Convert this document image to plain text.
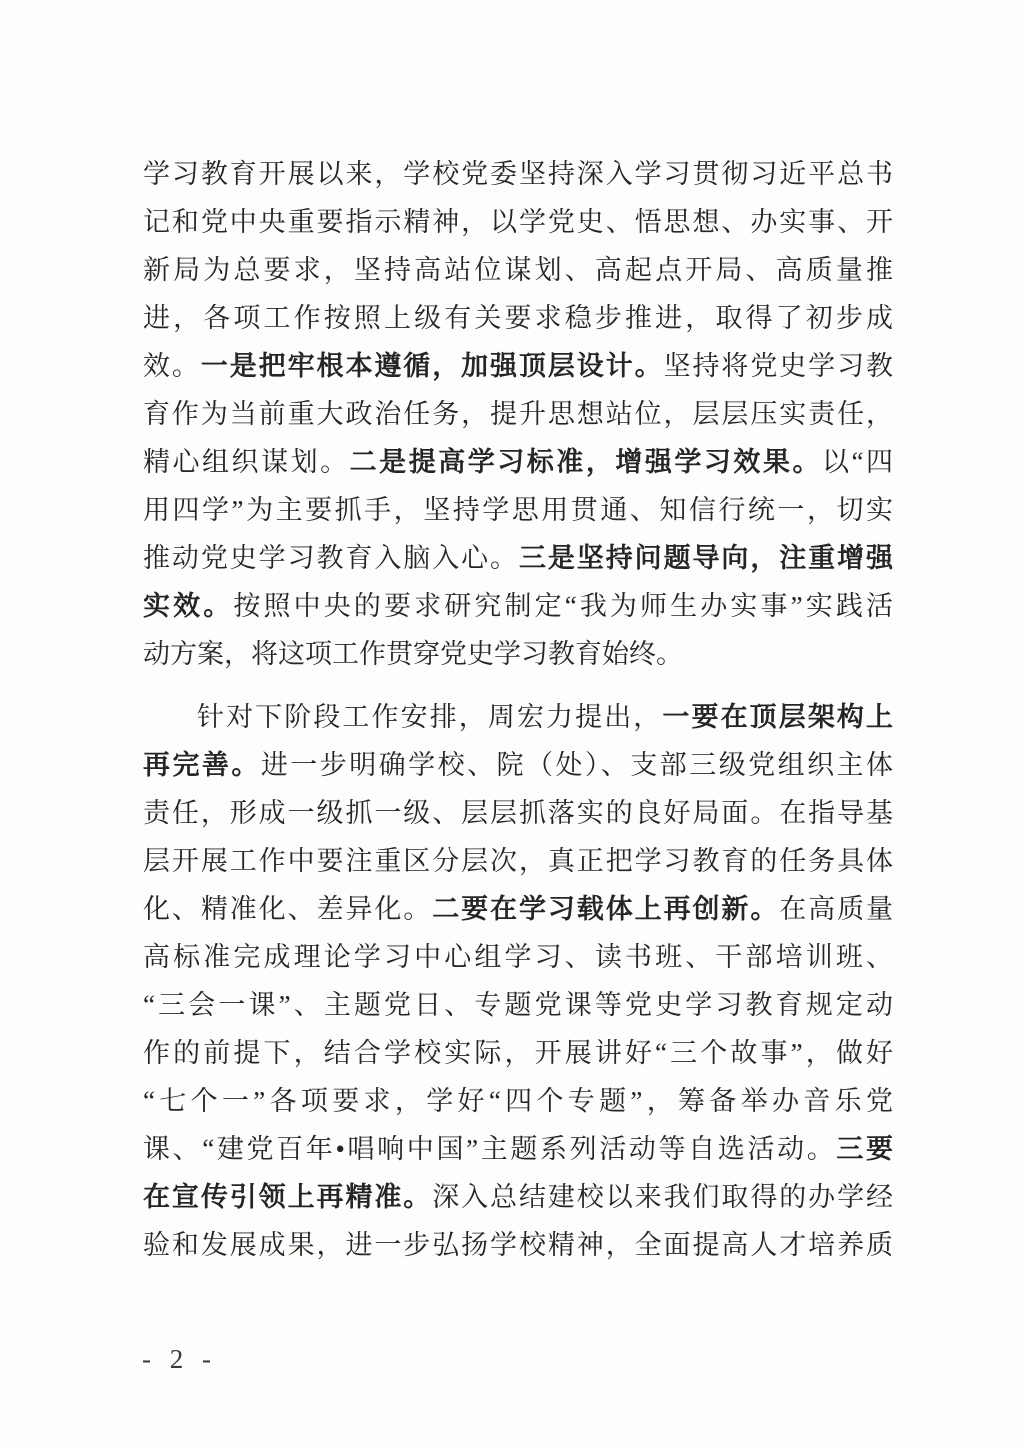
学习教育开展以来，学校党委坚持深入学习贯彻习近平总书
记和党中央重要指示精神，以学党史、悟思想、办实事、开
新局为总要求，坚持高站位谋划、高起点开局、高质量推
进，各项工作按照上级有关要求稳步推进，取得了初步成
效。一是把牢根本遵循，加强顶层设计。坚持将党史学习教
育作为当前重大政治任务，提升思想站位，层层压实责任，
精心组织谋划。二是提高学习标准，增强学习效果。以“四
用四学”为主要抓手，坚持学思用贯通、知信行统一，切实
推动党史学习教育入脑入心。三是坚持问题导向，注重增强
实效。按照中央的要求研究制定“我为师生办实事”实践活
动方案，将这项工作贯穿党史学习教育始终。
针对下阶段工作安排，周宏力提出，一要在顶层架构上
再完善。进一步明确学校、院（处）、支部三级党组织主体
责任，形成一级抓一级、层层抓落实的良好局面。在指导基
层开展工作中要注重区分层次，真正把学习教育的任务具体
化、精准化、差异化。二要在学习载体上再创新。在高质量
高标准完成理论学习中心组学习、读书班、干部培训班、
“三会一课”、主题党日、专题党课等党史学习教育规定动
作的前提下，结合学校实际，开展讲好“三个故事”，做好
“七个一”各项要求，学好“四个专题”，筹备举办音乐党
课、“建党百年•唱响中国”主题系列活动等自选活动。三要
在宣传引领上再精准。深入总结建校以来我们取得的办学经
验和发展成果，进一步弘扬学校精神，全面提高人才培养质
- 2 -
